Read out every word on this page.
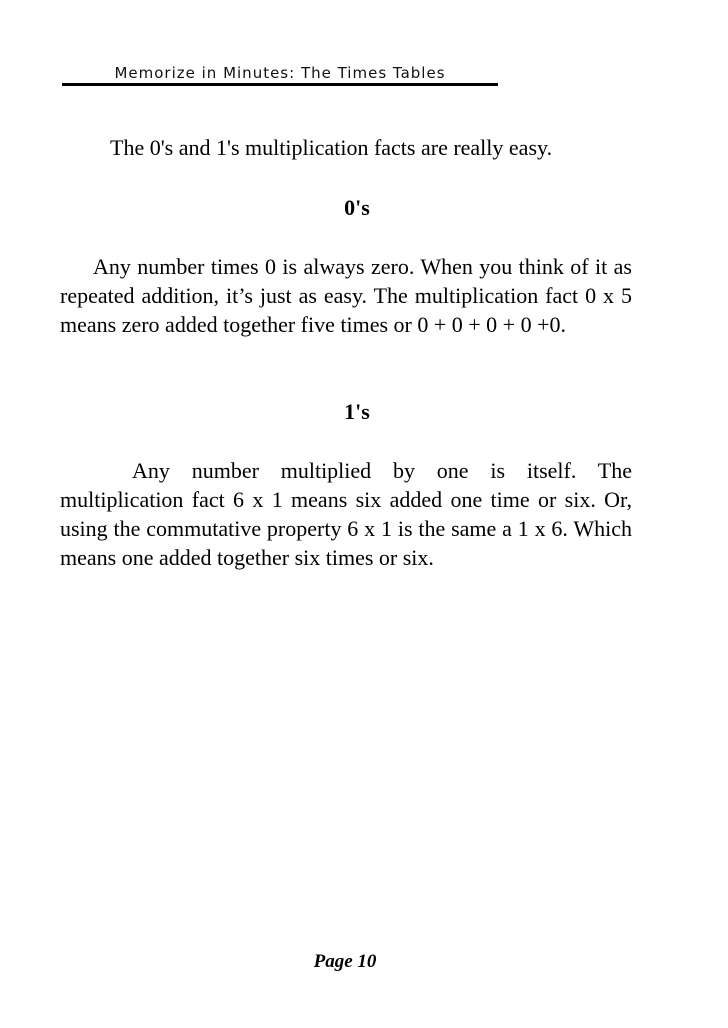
Memorize in Minutes: The Times Tables

The 0's and 1's multiplication facts are really easy.

0's

Any number times 0 is always zero. When you think of it as repeated addition, it’s just as easy. The multiplication fact 0 x 5 means zero added together five times or 0 + 0 + 0 + 0 +0.

1's

Any number multiplied by one is itself. The multiplication fact 6 x 1 means six added one time or six. Or, using the commutative property 6 x 1 is the same a 1 x 6. Which means one added together six times or six.

Page 10
